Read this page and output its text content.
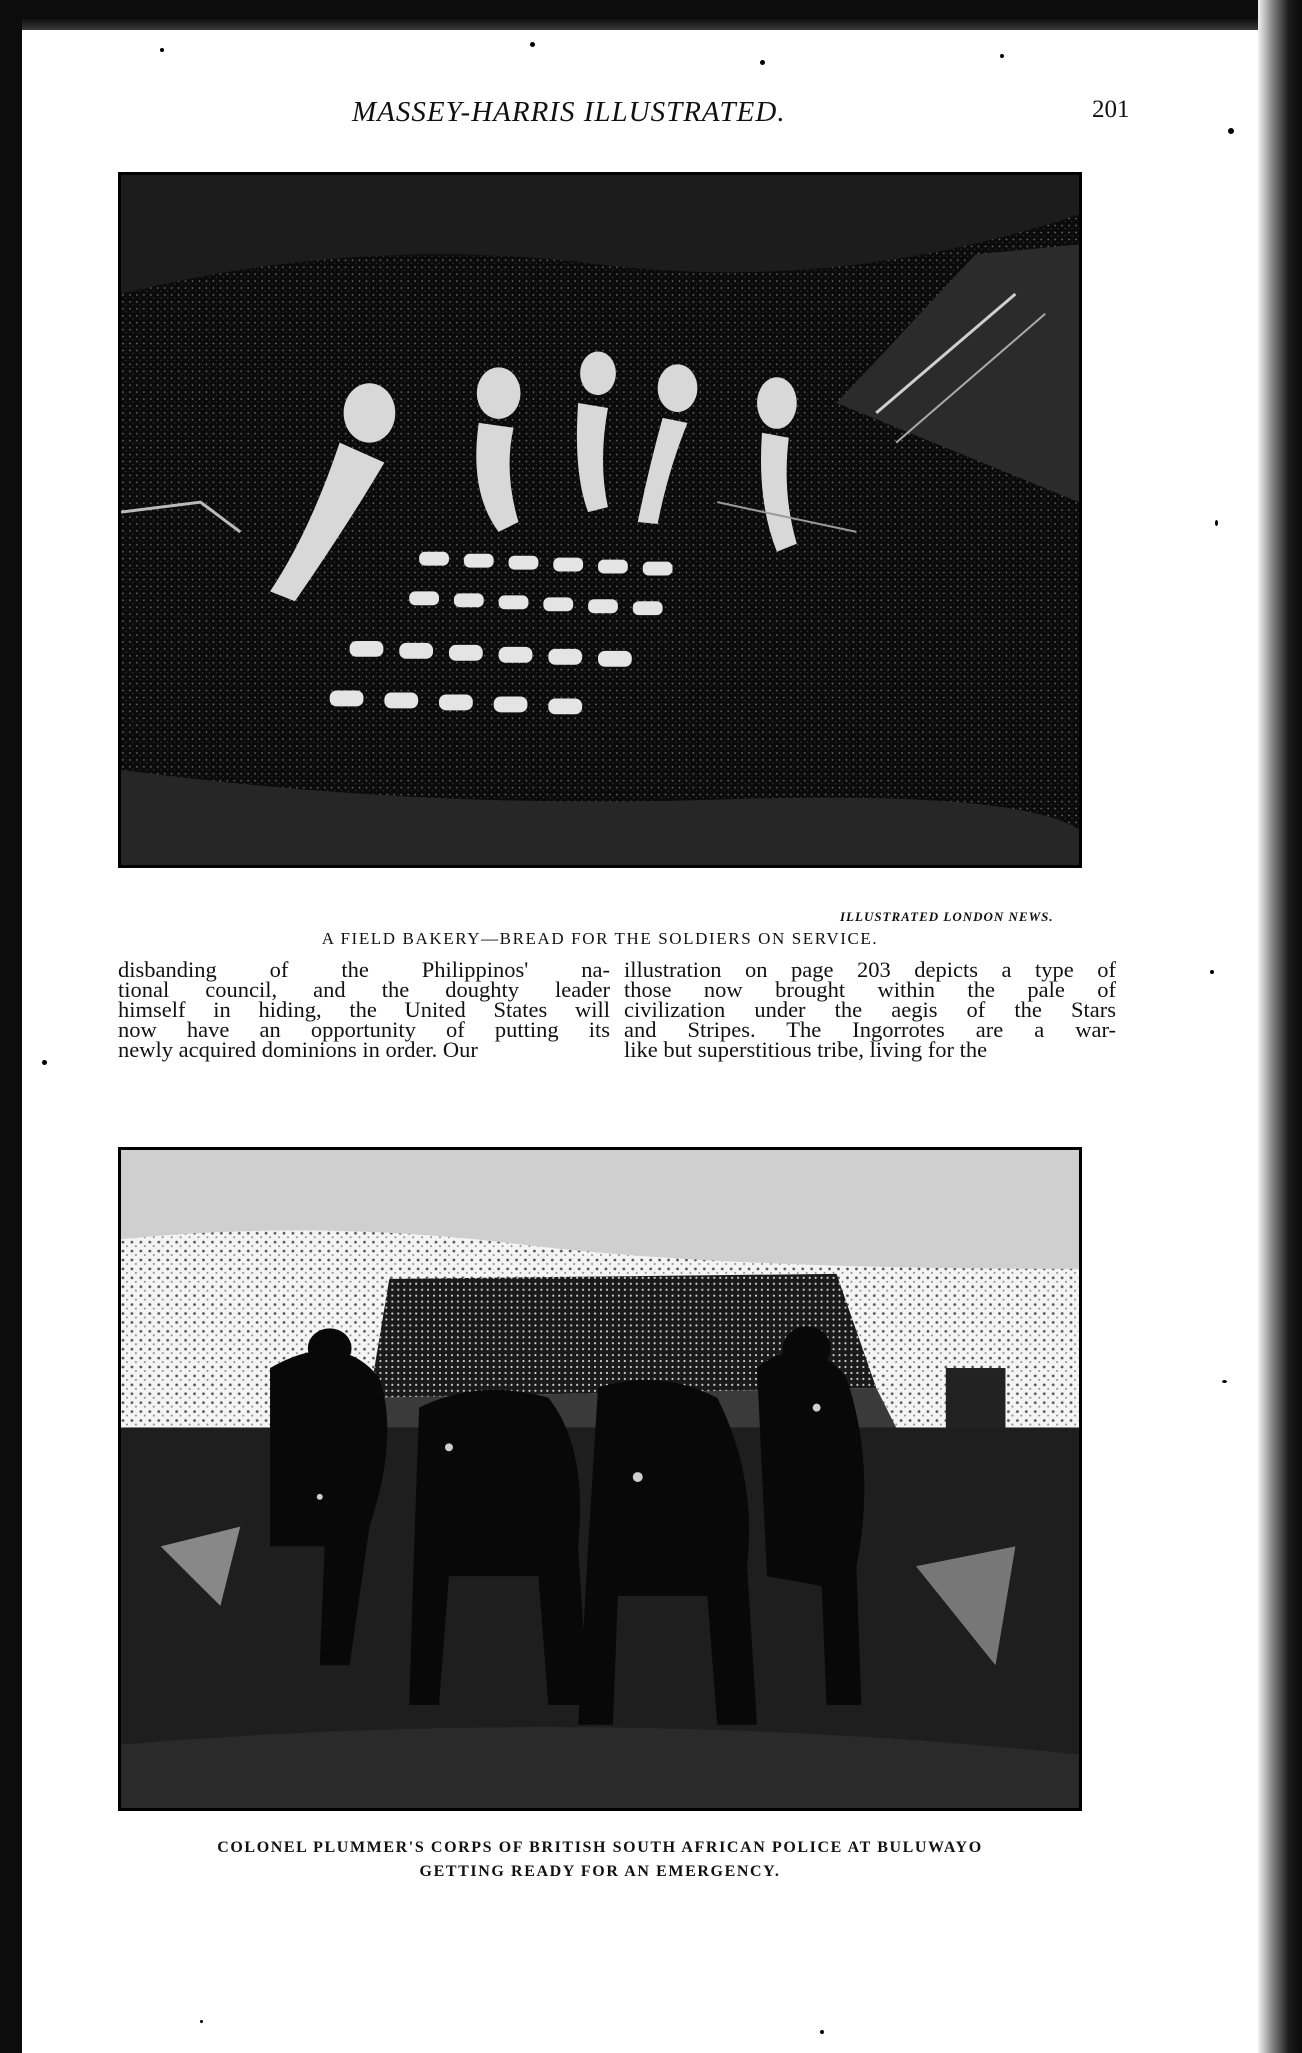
MASSEY-HARRIS ILLUSTRATED.	201
ILLUSTRATED LONDON NEWS.
A FIELD BAKERY—BREAD FOR THE SOLDIERS ON SERVICE.
disbanding of the Philippinos' na-
tional council, and the doughty leader
himself in hiding, the United States will
now have an opportunity of putting its
newly acquired dominions in order. Our
illustration on page 203 depicts a type of
those now brought within the pale of
civilization under the aegis of the Stars
and Stripes. The Ingorrotes are a war-
like but superstitious tribe, living for the
COLONEL PLUMMER'S CORPS OF BRITISH SOUTH AFRICAN POLICE AT BULUWAYO
GETTING READY FOR AN EMERGENCY.
